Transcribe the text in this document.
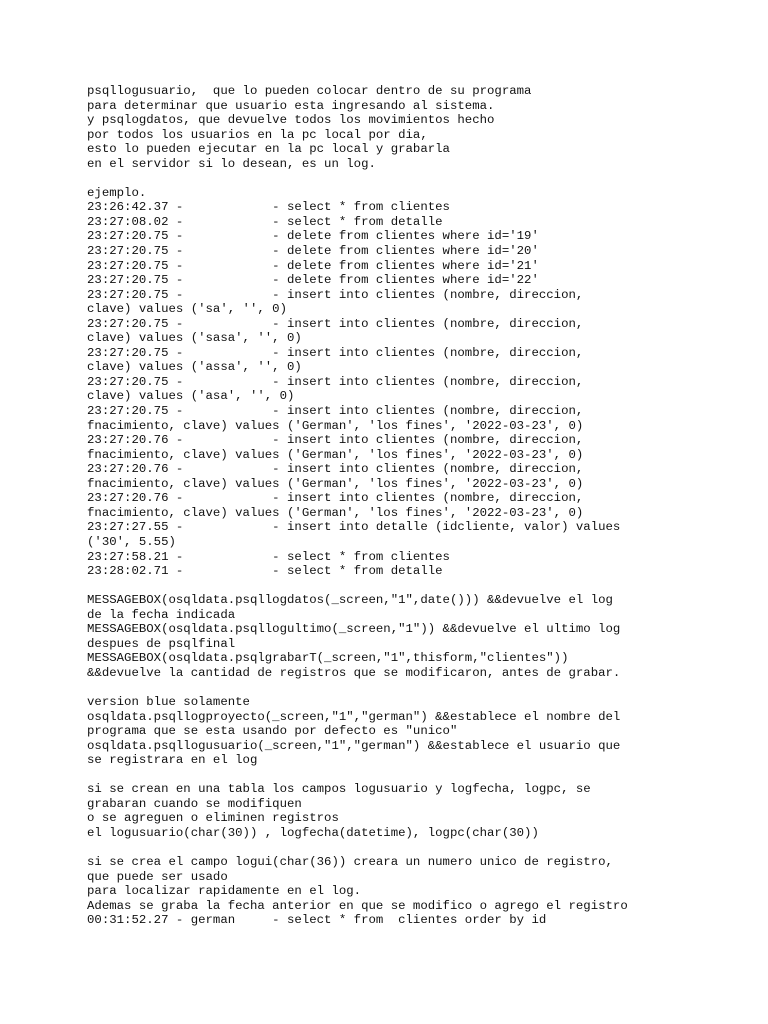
psqllogusuario,  que lo pueden colocar dentro de su programa
para determinar que usuario esta ingresando al sistema.
y psqlogdatos, que devuelve todos los movimientos hecho
por todos los usuarios en la pc local por dia,
esto lo pueden ejecutar en la pc local y grabarla
en el servidor si lo desean, es un log.
ejemplo.
23:26:42.37 -            - select * from clientes
23:27:08.02 -            - select * from detalle
23:27:20.75 -            - delete from clientes where id='19'
23:27:20.75 -            - delete from clientes where id='20'
23:27:20.75 -            - delete from clientes where id='21'
23:27:20.75 -            - delete from clientes where id='22'
23:27:20.75 -            - insert into clientes (nombre, direccion,
clave) values ('sa', '', 0)
23:27:20.75 -            - insert into clientes (nombre, direccion,
clave) values ('sasa', '', 0)
23:27:20.75 -            - insert into clientes (nombre, direccion,
clave) values ('assa', '', 0)
23:27:20.75 -            - insert into clientes (nombre, direccion,
clave) values ('asa', '', 0)
23:27:20.75 -            - insert into clientes (nombre, direccion,
fnacimiento, clave) values ('German', 'los fines', '2022-03-23', 0)
23:27:20.76 -            - insert into clientes (nombre, direccion,
fnacimiento, clave) values ('German', 'los fines', '2022-03-23', 0)
23:27:20.76 -            - insert into clientes (nombre, direccion,
fnacimiento, clave) values ('German', 'los fines', '2022-03-23', 0)
23:27:20.76 -            - insert into clientes (nombre, direccion,
fnacimiento, clave) values ('German', 'los fines', '2022-03-23', 0)
23:27:27.55 -            - insert into detalle (idcliente, valor) values
('30', 5.55)
23:27:58.21 -            - select * from clientes
23:28:02.71 -            - select * from detalle
MESSAGEBOX(osqldata.psqllogdatos(_screen,"1",date())) &&devuelve el log
de la fecha indicada
MESSAGEBOX(osqldata.psqllogultimo(_screen,"1")) &&devuelve el ultimo log
despues de psqlfinal
MESSAGEBOX(osqldata.psqlgrabarT(_screen,"1",thisform,"clientes"))
&&devuelve la cantidad de registros que se modificaron, antes de grabar.
version blue solamente
osqldata.psqllogproyecto(_screen,"1","german") &&establece el nombre del
programa que se esta usando por defecto es "unico"
osqldata.psqllogusuario(_screen,"1","german") &&establece el usuario que
se registrara en el log
si se crean en una tabla los campos logusuario y logfecha, logpc, se
grabaran cuando se modifiquen
o se agreguen o eliminen registros
el logusuario(char(30)) , logfecha(datetime), logpc(char(30))
si se crea el campo logui(char(36)) creara un numero unico de registro,
que puede ser usado
para localizar rapidamente en el log.
Ademas se graba la fecha anterior en que se modifico o agrego el registro
00:31:52.27 - german     - select * from  clientes order by id
